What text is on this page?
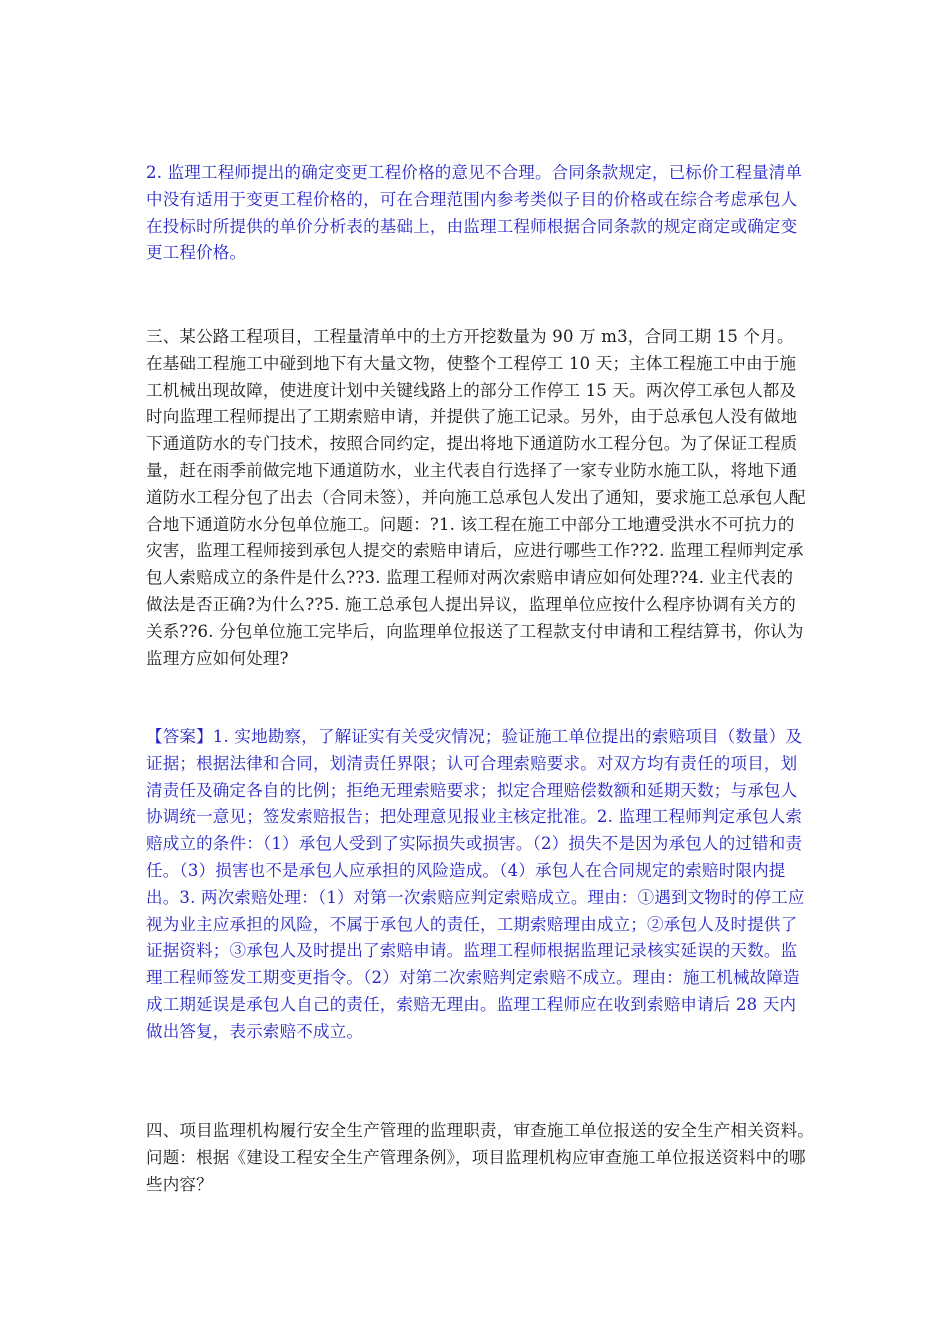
2. 监理工程师提出的确定变更工程价格的意见不合理。合同条款规定，已标价工程量清单中没有适用于变更工程价格的，可在合理范围内参考类似子目的价格或在综合考虑承包人在投标时所提供的单价分析表的基础上，由监理工程师根据合同条款的规定商定或确定变更工程价格。

三、某公路工程项目，工程量清单中的土方开挖数量为 90 万 m3，合同工期 15 个月。在基础工程施工中碰到地下有大量文物，使整个工程停工 10 天；主体工程施工中由于施工机械出现故障，使进度计划中关键线路上的部分工作停工 15 天。两次停工承包人都及时向监理工程师提出了工期索赔申请，并提供了施工记录。另外，由于总承包人没有做地下通道防水的专门技术，按照合同约定，提出将地下通道防水工程分包。为了保证工程质量，赶在雨季前做完地下通道防水，业主代表自行选择了一家专业防水施工队，将地下通道防水工程分包了出去（合同未签），并向施工总承包人发出了通知，要求施工总承包人配合地下通道防水分包单位施工。问题：?1. 该工程在施工中部分工地遭受洪水不可抗力的灾害，监理工程师接到承包人提交的索赔申请后，应进行哪些工作??2. 监理工程师判定承包人索赔成立的条件是什么??3. 监理工程师对两次索赔申请应如何处理??4. 业主代表的做法是否正确?为什么??5. 施工总承包人提出异议，监理单位应按什么程序协调有关方的关系??6. 分包单位施工完毕后，向监理单位报送了工程款支付申请和工程结算书，你认为监理方应如何处理?

【答案】1. 实地勘察，了解证实有关受灾情况；验证施工单位提出的索赔项目（数量）及证据；根据法律和合同，划清责任界限；认可合理索赔要求。对双方均有责任的项目，划清责任及确定各自的比例；拒绝无理索赔要求；拟定合理赔偿数额和延期天数；与承包人协调统一意见；签发索赔报告；把处理意见报业主核定批准。2. 监理工程师判定承包人索赔成立的条件：（1）承包人受到了实际损失或损害。（2）损失不是因为承包人的过错和责任。（3）损害也不是承包人应承担的风险造成。（4）承包人在合同规定的索赔时限内提出。3. 两次索赔处理：（1）对第一次索赔应判定索赔成立。理由：①遇到文物时的停工应视为业主应承担的风险，不属于承包人的责任，工期索赔理由成立；②承包人及时提供了证据资料；③承包人及时提出了索赔申请。监理工程师根据监理记录核实延误的天数。监理工程师签发工期变更指令。（2）对第二次索赔判定索赔不成立。理由：施工机械故障造成工期延误是承包人自己的责任，索赔无理由。监理工程师应在收到索赔申请后 28 天内做出答复，表示索赔不成立。

四、项目监理机构履行安全生产管理的监理职责，审查施工单位报送的安全生产相关资料。　　问题：根据《建设工程安全生产管理条例》，项目监理机构应审查施工单位报送资料中的哪些内容？
